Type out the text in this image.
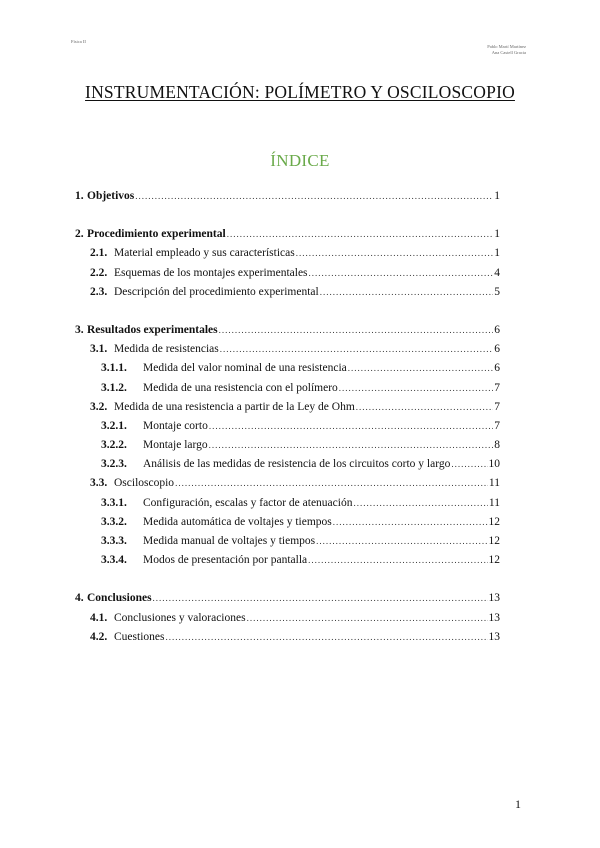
Física II
Pablo Martí Martínez
Ana Castell Gracia
INSTRUMENTACIÓN: POLÍMETRO Y OSCILOSCOPIO
ÍNDICE
1. Objetivos .....	1
2. Procedimiento experimental .....	1
2.1. Material empleado y sus características .....	1
2.2. Esquemas de los montajes experimentales .....	4
2.3. Descripción del procedimiento experimental .....	5
3. Resultados experimentales .....	6
3.1. Medida de resistencias .....	6
3.1.1.	Medida del valor nominal de una resistencia .....	6
3.1.2.	Medida de una resistencia con el polímero .....	7
3.2. Medida de una resistencia a partir de la Ley de Ohm .....	7
3.2.1.	Montaje corto .....	7
3.2.2.	Montaje largo .....	8
3.2.3.	Análisis de las medidas de resistencia de los circuitos corto y largo .....	10
3.3. Osciloscopio .....	11
3.3.1.	Configuración, escalas y factor de atenuación .....	11
3.3.2.	Medida automática de voltajes y tiempos .....	12
3.3.3.	Medida manual de voltajes y tiempos .....	12
3.3.4.	Modos de presentación por pantalla .....	12
4. Conclusiones .....	13
4.1. Conclusiones y valoraciones .....	13
4.2. Cuestiones .....	13
1
